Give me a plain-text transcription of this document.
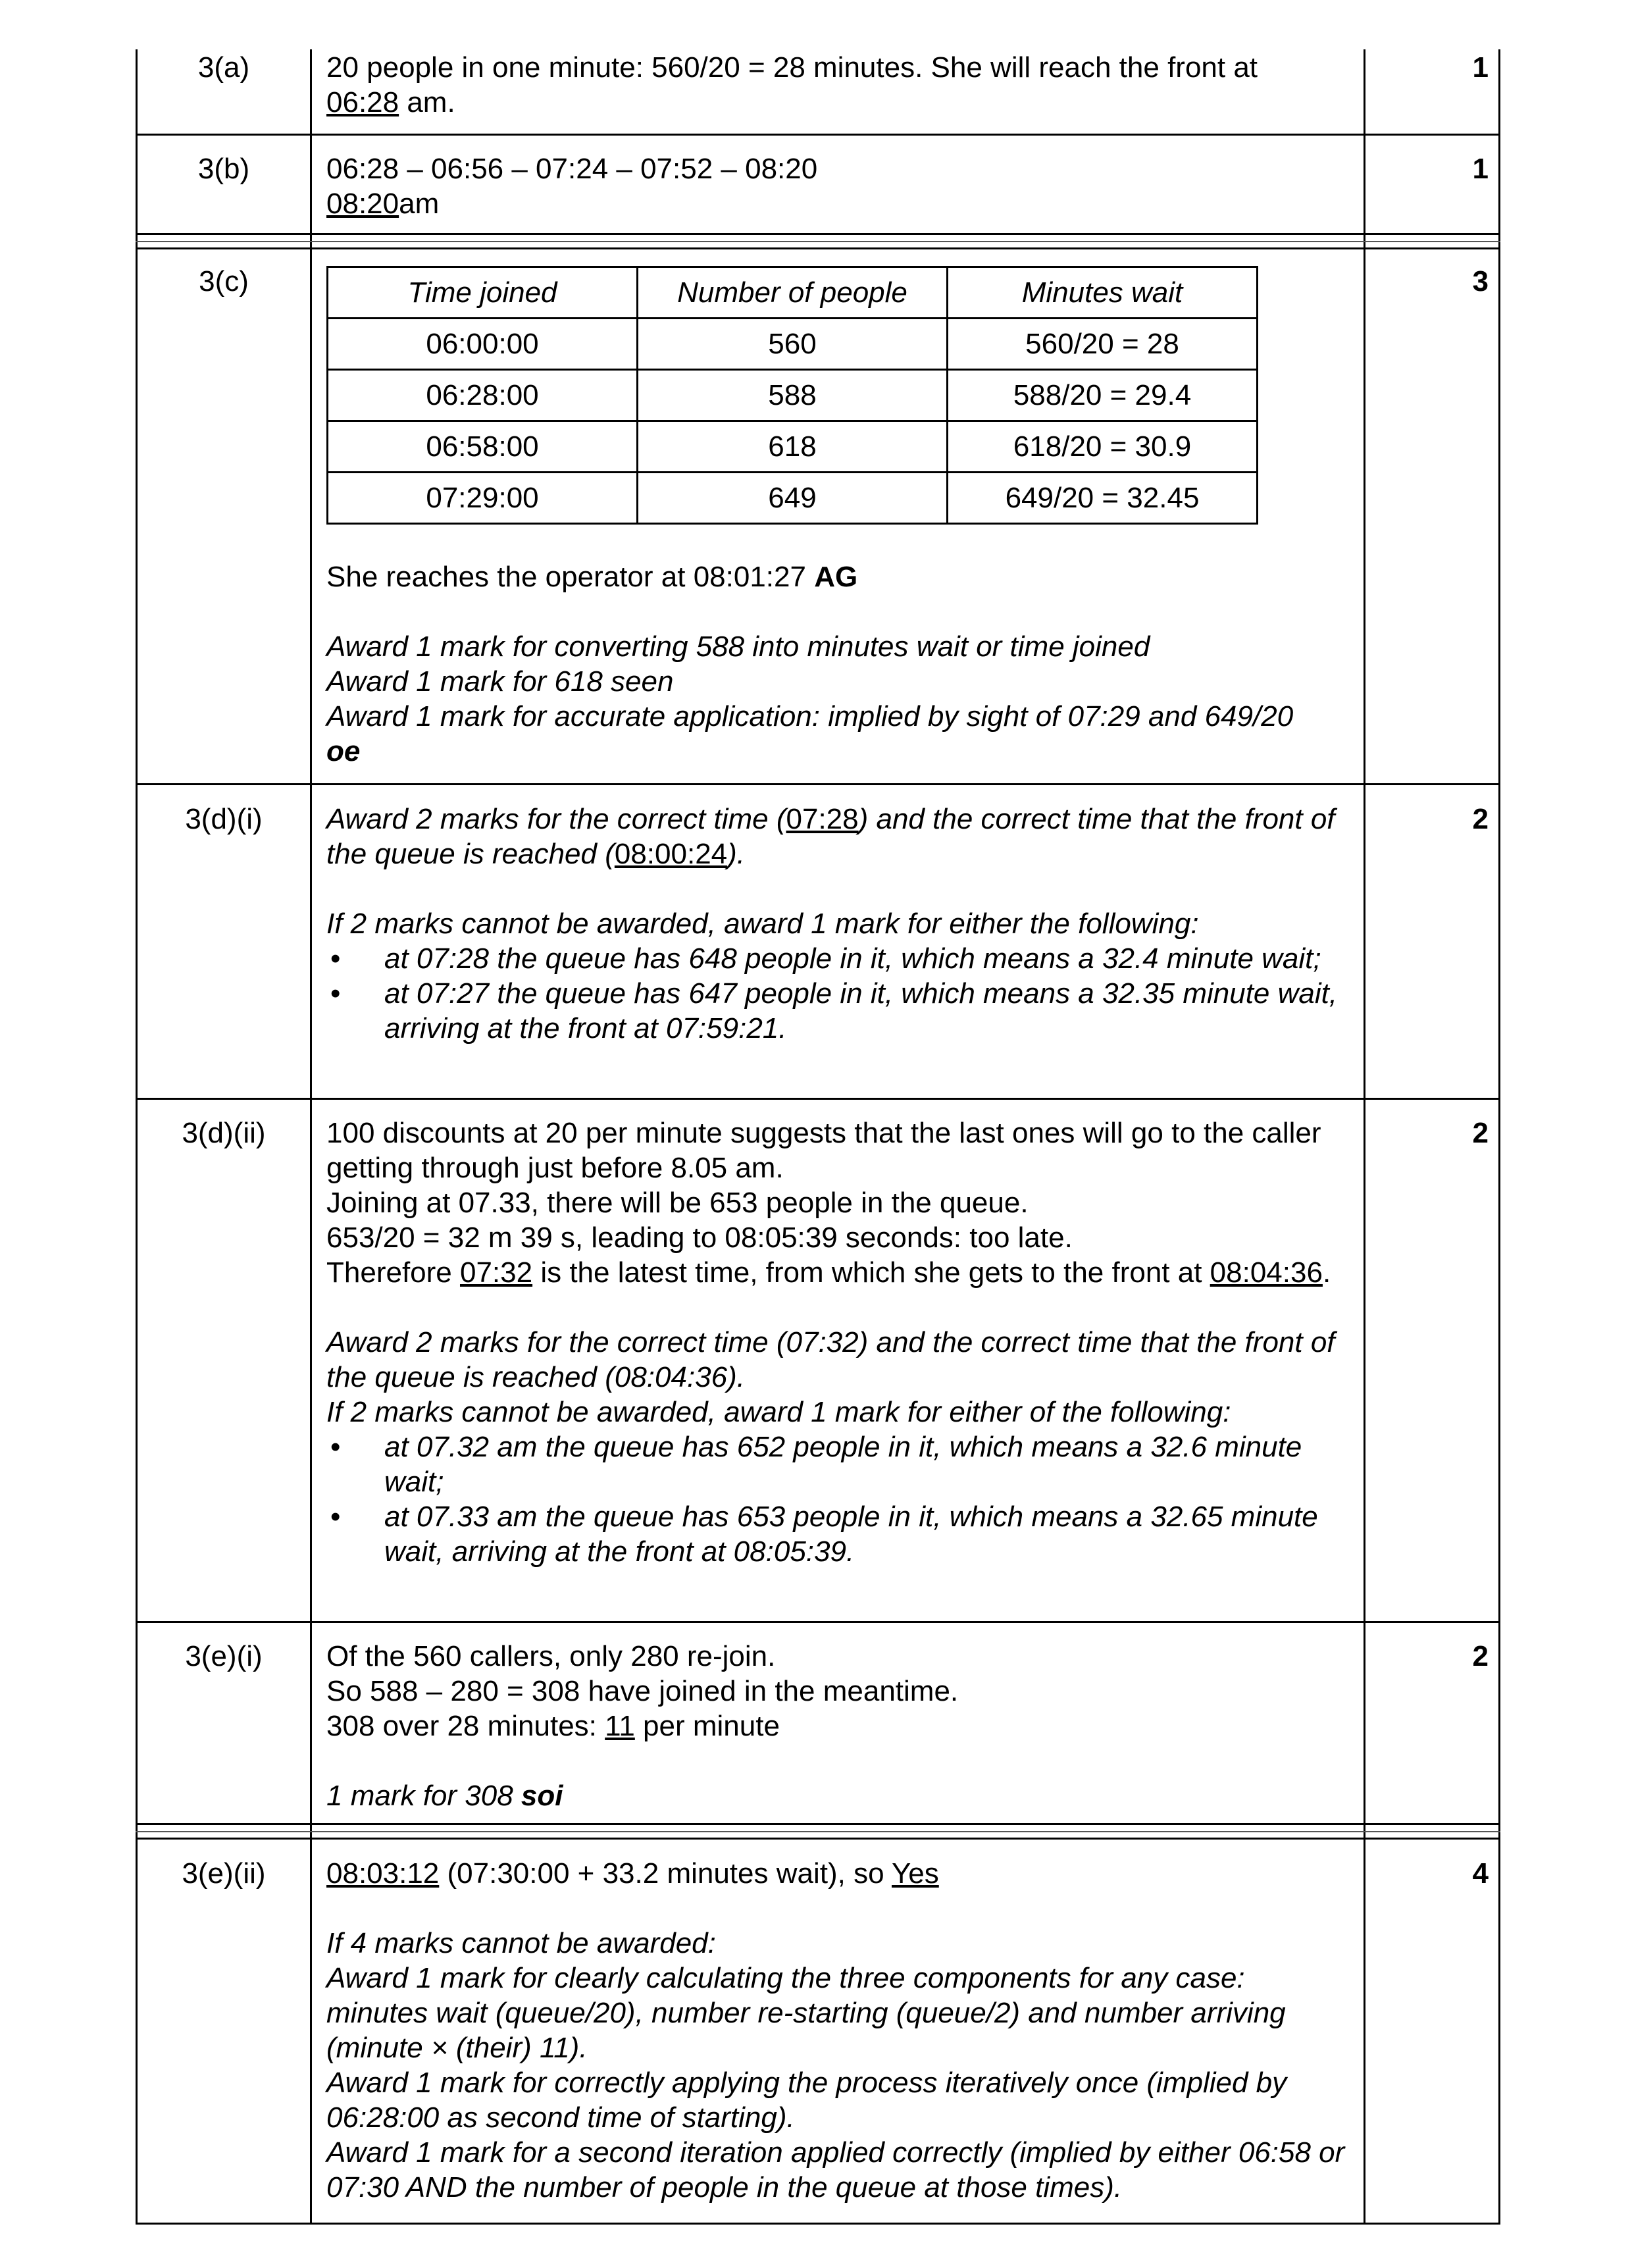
3(a)	20 people in one minute: 560/20 = 28 minutes. She will reach the front at

06:28 am.

1
3(b)	06:28 – 06:56 – 07:24 – 07:52 – 08:20

08:20am

1
3(c)	Time joined	Number of people	Minutes wait
06:00:00	560	560/20 = 28
06:28:00	588	588/20 = 29.4
06:58:00	618	618/20 = 30.9
07:29:00	649	649/20 = 32.45

She reaches the operator at 08:01:27 AG

Award 1 mark for converting 588 into minutes wait or time joined

Award 1 mark for 618 seen

Award 1 mark for accurate application: implied by sight of 07:29 and 649/20

oe

3
3(d)(i)	Award 2 marks for the correct time (07:28) and the correct time that the front of the queue is reached (08:00:24).

If 2 marks cannot be awarded, award 1 mark for either the following:

• at 07:28 the queue has 648 people in it, which means a 32.4 minute wait;
• at 07:27 the queue has 647 people in it, which means a 32.35 minute wait, arriving at the front at 07:59:21.
2
3(d)(ii)	100 discounts at 20 per minute suggests that the last ones will go to the caller getting through just before 8.05 am.

Joining at 07.33, there will be 653 people in the queue.

653/20 = 32 m 39 s, leading to 08:05:39 seconds: too late.

Therefore 07:32 is the latest time, from which she gets to the front at 08:04:36.

Award 2 marks for the correct time (07:32) and the correct time that the front of the queue is reached (08:04:36).

If 2 marks cannot be awarded, award 1 mark for either of the following:

• at 07.32 am the queue has 652 people in it, which means a 32.6 minute wait;
• at 07.33 am the queue has 653 people in it, which means a 32.65 minute wait, arriving at the front at 08:05:39.
2
3(e)(i)	Of the 560 callers, only 280 re-join.

So 588 – 280 = 308 have joined in the meantime.

308 over 28 minutes: 11 per minute

1 mark for 308 soi

2
3(e)(ii)	08:03:12 (07:30:00 + 33.2 minutes wait), so Yes

If 4 marks cannot be awarded:

Award 1 mark for clearly calculating the three components for any case: minutes wait (queue/20), number re-starting (queue/2) and number arriving (minute × (their) 11).

Award 1 mark for correctly applying the process iteratively once (implied by 06:28:00 as second time of starting).

Award 1 mark for a second iteration applied correctly (implied by either 06:58 or 07:30 AND the number of people in the queue at those times).

4
